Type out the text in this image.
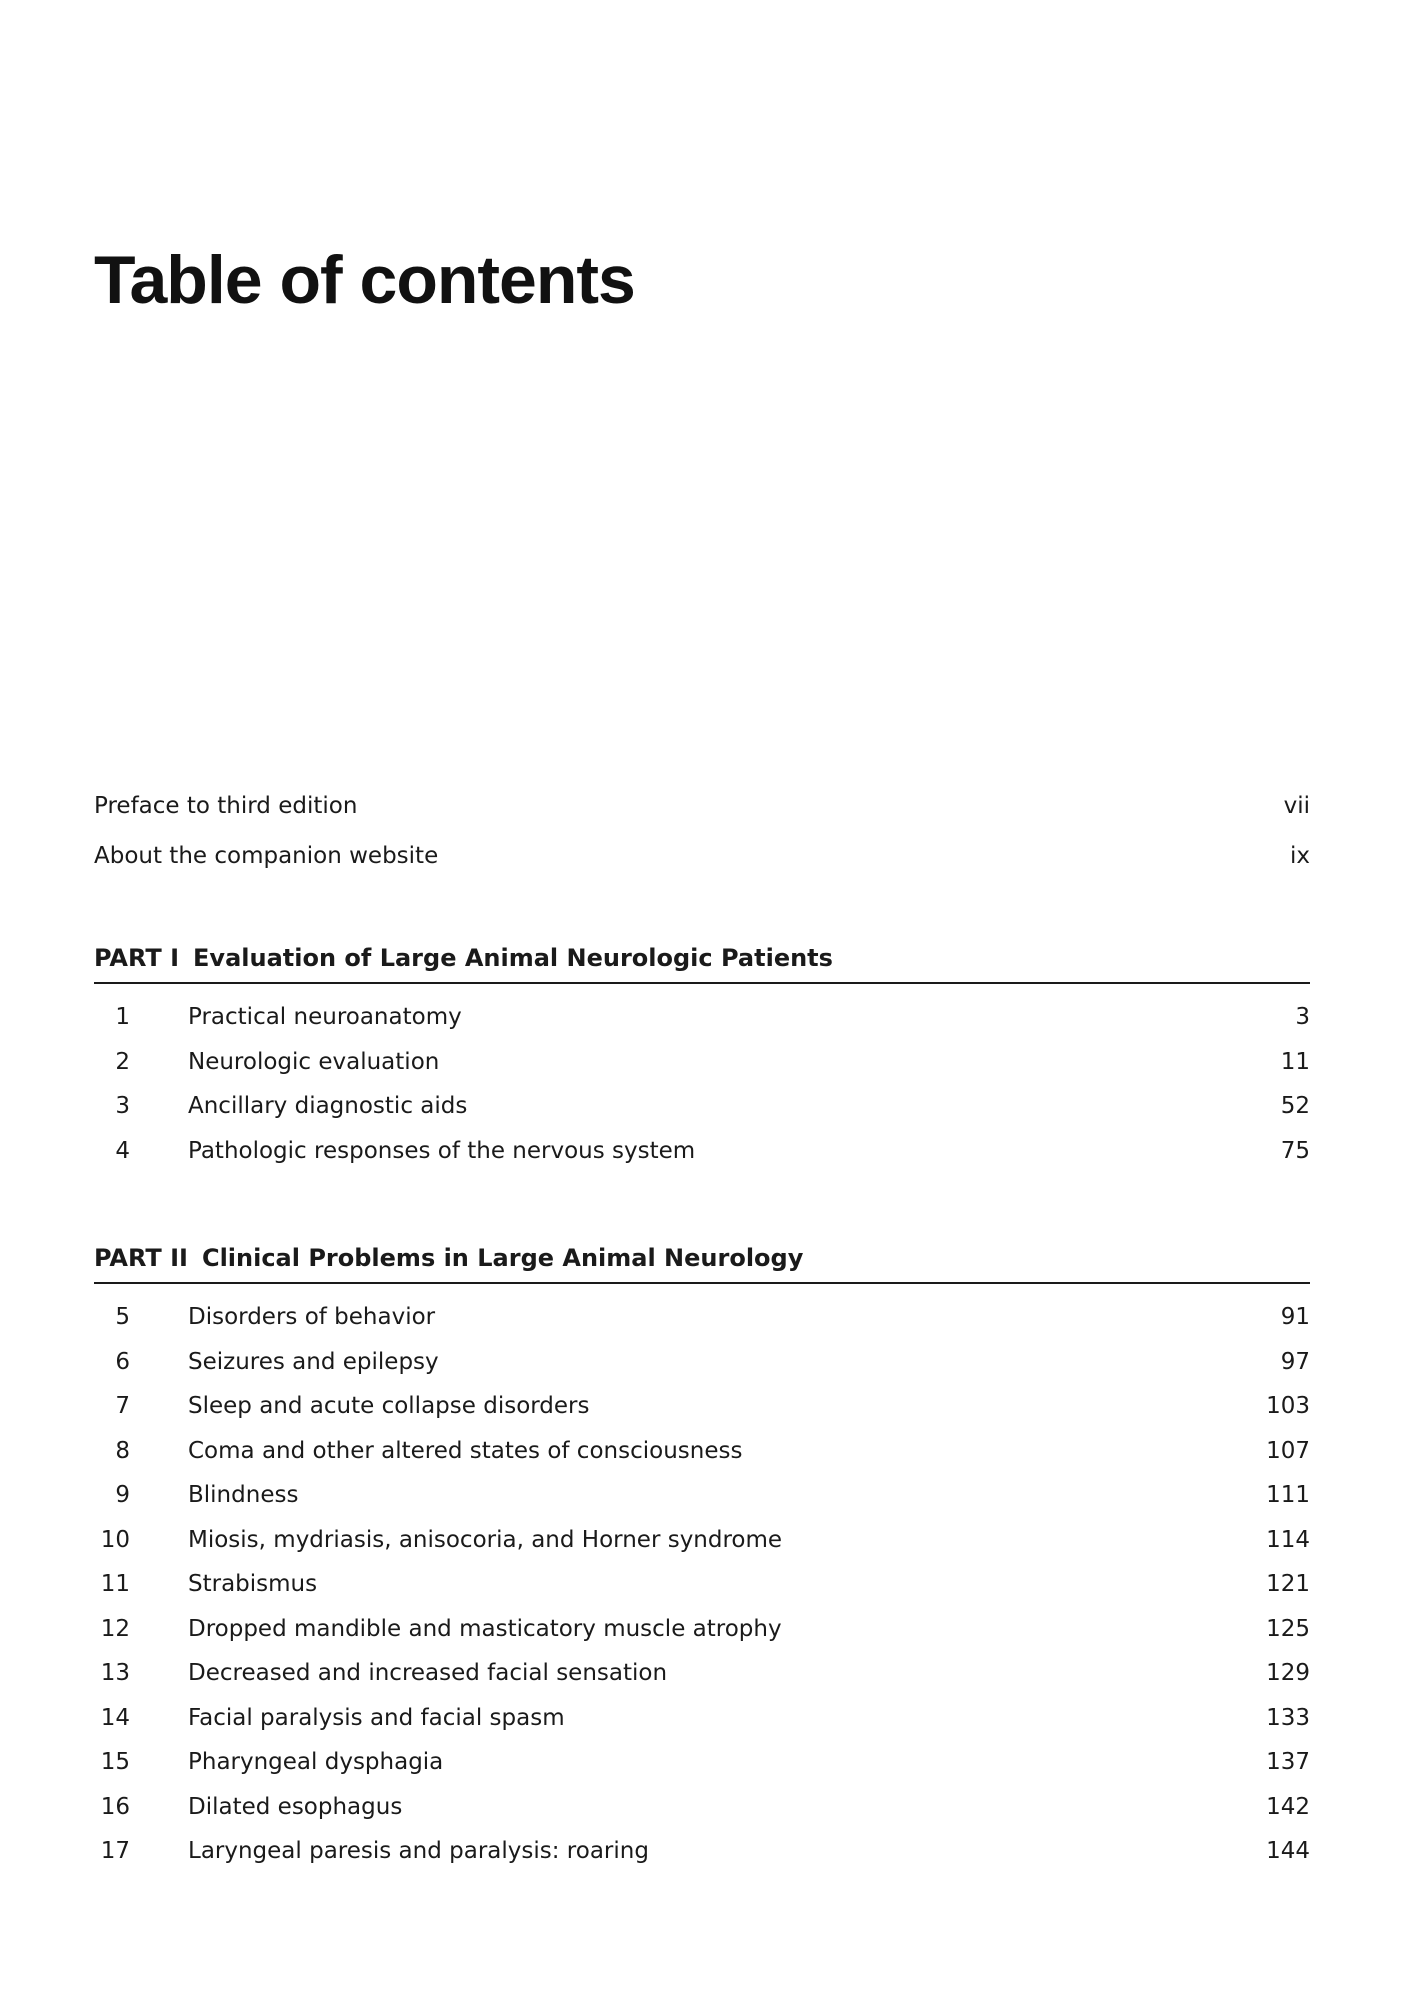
Table of contents
Preface to third edition	vii
About the companion website	ix
PART I Evaluation of Large Animal Neurologic Patients
1	Practical neuroanatomy	3
2	Neurologic evaluation	11
3	Ancillary diagnostic aids	52
4	Pathologic responses of the nervous system	75
PART II Clinical Problems in Large Animal Neurology
5	Disorders of behavior	91
6	Seizures and epilepsy	97
7	Sleep and acute collapse disorders	103
8	Coma and other altered states of consciousness	107
9	Blindness	111
10	Miosis, mydriasis, anisocoria, and Horner syndrome	114
11	Strabismus	121
12	Dropped mandible and masticatory muscle atrophy	125
13	Decreased and increased facial sensation	129
14	Facial paralysis and facial spasm	133
15	Pharyngeal dysphagia	137
16	Dilated esophagus	142
17	Laryngeal paresis and paralysis: roaring	144
